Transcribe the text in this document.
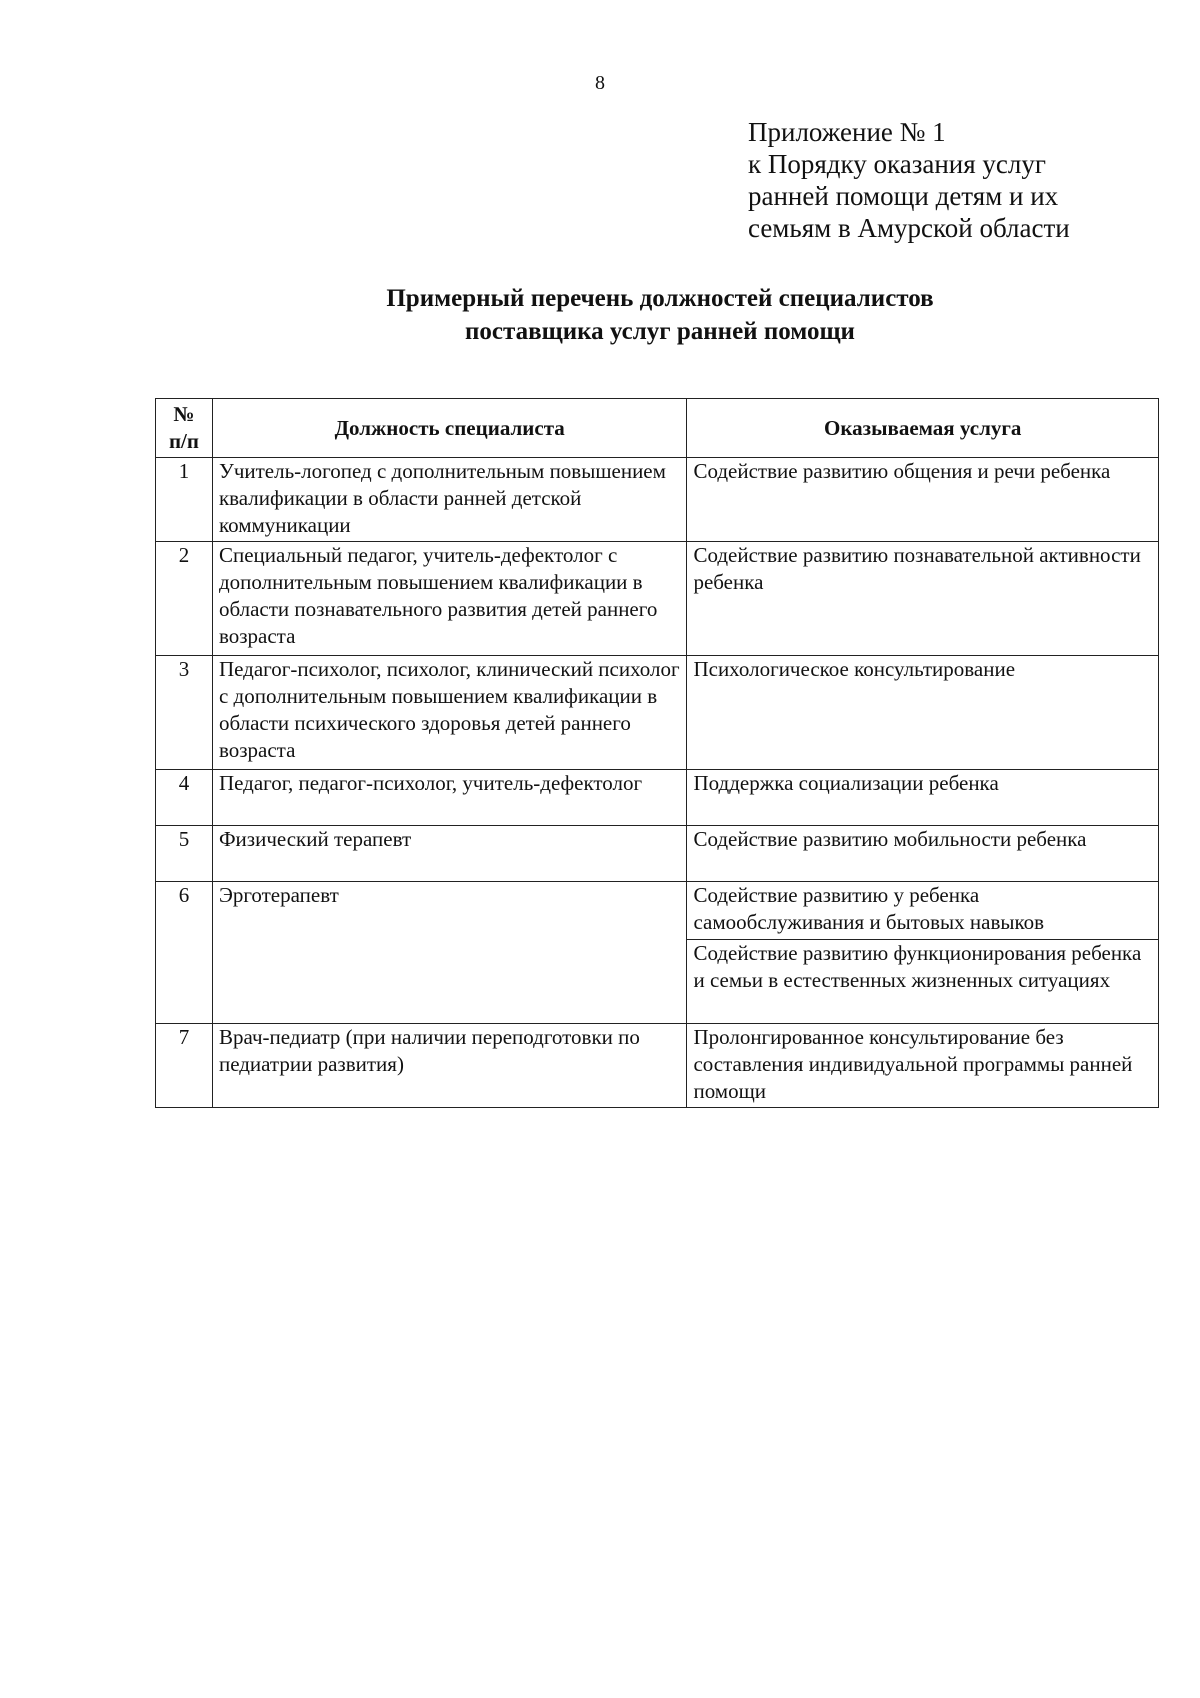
8
Приложение № 1
к Порядку оказания услуг
ранней помощи детям и их
семьям в Амурской области
Примерный перечень должностей специалистов
поставщика услуг ранней помощи
№
п/п	Должность специалиста	Оказываемая услуга
1	Учитель-логопед с дополнительным повышением квалификации в области ранней детской коммуникации	Содействие развитию общения и речи ребенка
2	Специальный педагог, учитель-дефектолог с дополнительным повышением квалификации в области познавательного развития детей раннего возраста	Содействие развитию познавательной активности ребенка
3	Педагог-психолог, психолог, клинический психолог с дополнительным повышением квалификации в области психического здоровья детей раннего возраста	Психологическое консультирование
4	Педагог, педагог-психолог, учитель-дефектолог	Поддержка социализации ребенка
5	Физический терапевт	Содействие развитию мобильности ребенка
6	Эрготерапевт	Содействие развитию у ребенка самообслуживания и бытовых навыков
		Содействие развитию функционирования ребенка и семьи в естественных жизненных ситуациях
7	Врач-педиатр (при наличии переподготовки по педиатрии развития)	Пролонгированное консультирование без составления индивидуальной программы ранней помощи
